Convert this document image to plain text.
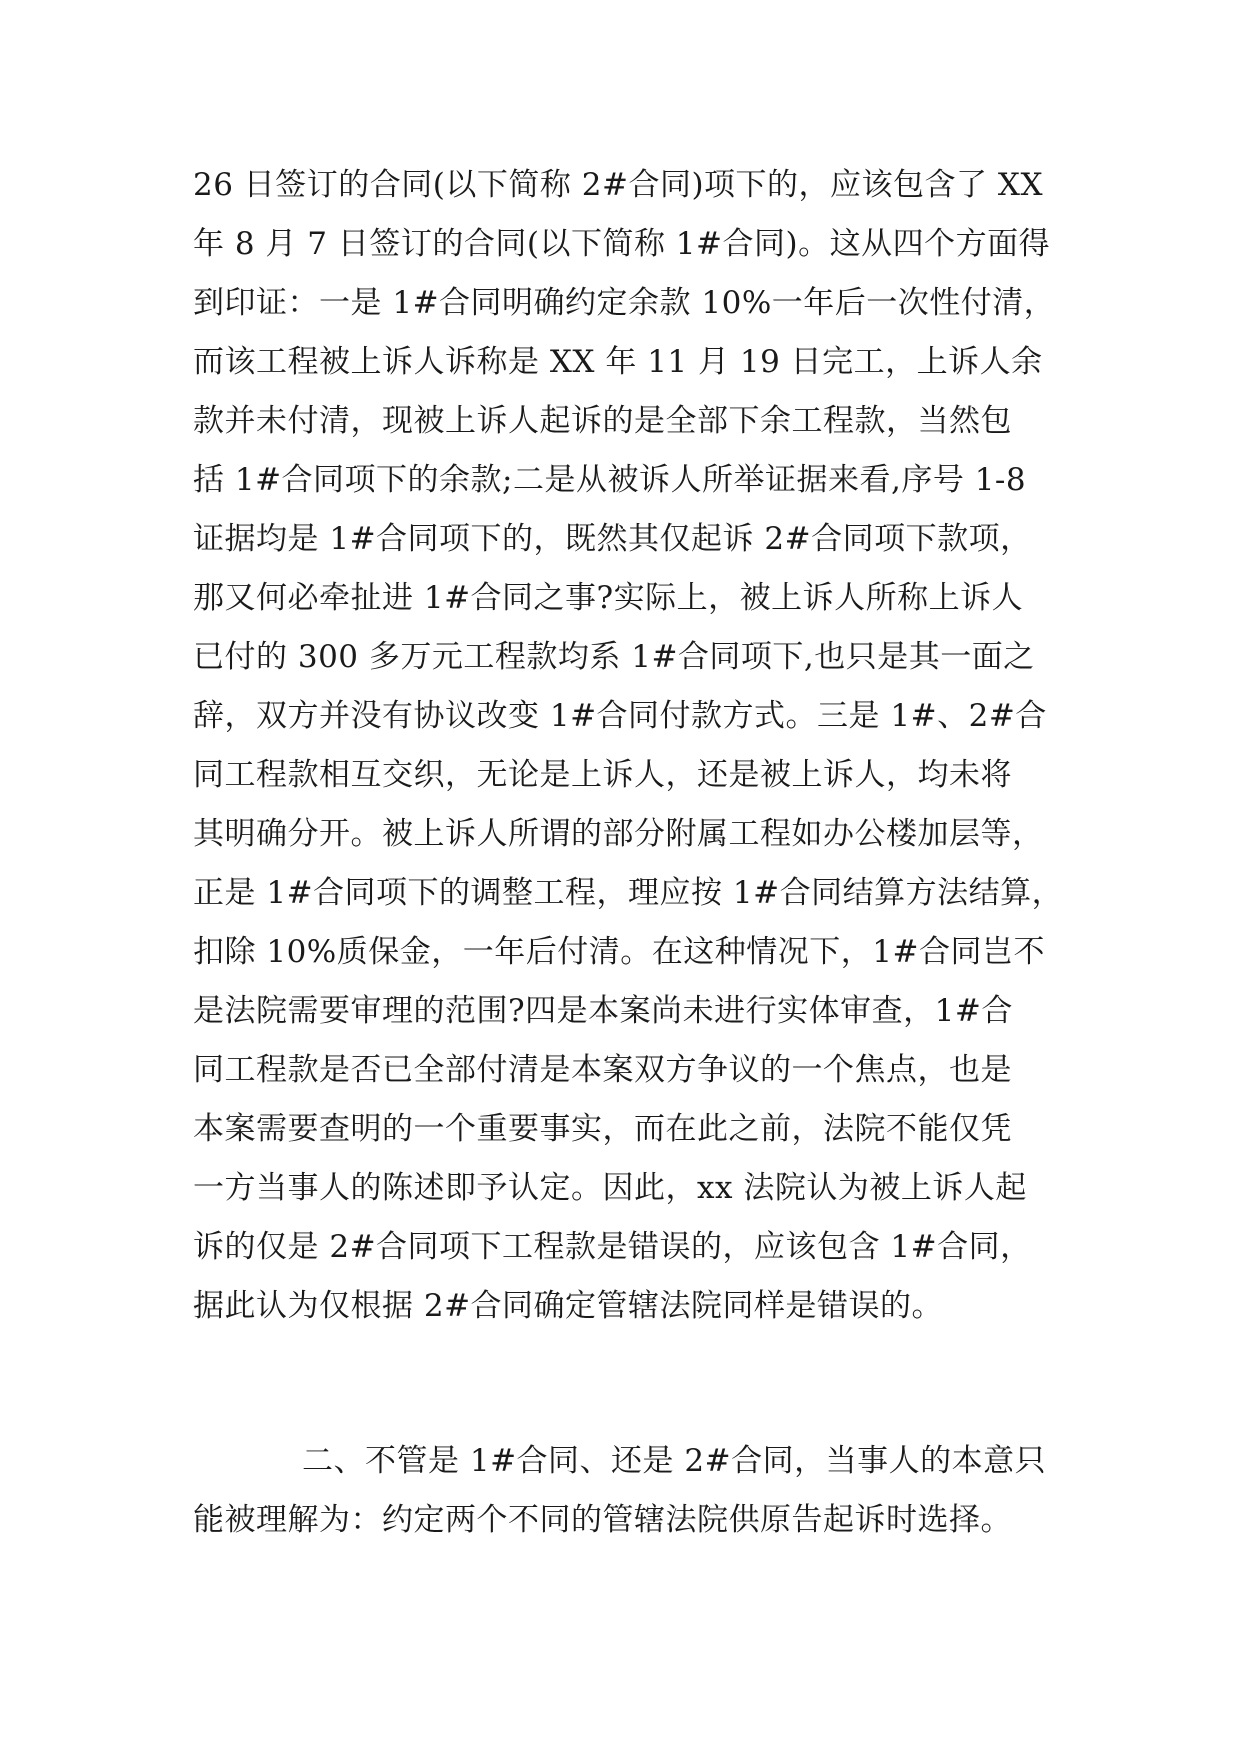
26 日签订的合同(以下简称 2#合同)项下的，应该包含了 XX
年 8 月 7 日签订的合同(以下简称 1#合同)。这从四个方面得
到印证：一是 1#合同明确约定余款 10%一年后一次性付清，
而该工程被上诉人诉称是 XX 年 11 月 19 日完工，上诉人余
款并未付清，现被上诉人起诉的是全部下余工程款，当然包
括 1#合同项下的余款;二是从被诉人所举证据来看,序号 1-8
证据均是 1#合同项下的，既然其仅起诉 2#合同项下款项，
那又何必牵扯进 1#合同之事?实际上，被上诉人所称上诉人
已付的 300 多万元工程款均系 1#合同项下,也只是其一面之
辞，双方并没有协议改变 1#合同付款方式。三是 1#、2#合
同工程款相互交织，无论是上诉人，还是被上诉人，均未将
其明确分开。被上诉人所谓的部分附属工程如办公楼加层等，
正是 1#合同项下的调整工程，理应按 1#合同结算方法结算，
扣除 10%质保金，一年后付清。在这种情况下，1#合同岂不
是法院需要审理的范围?四是本案尚未进行实体审查，1#合
同工程款是否已全部付清是本案双方争议的一个焦点，也是
本案需要查明的一个重要事实，而在此之前，法院不能仅凭
一方当事人的陈述即予认定。因此，xx 法院认为被上诉人起
诉的仅是 2#合同项下工程款是错误的，应该包含 1#合同，
据此认为仅根据 2#合同确定管辖法院同样是错误的。
二、不管是 1#合同、还是 2#合同，当事人的本意只
能被理解为：约定两个不同的管辖法院供原告起诉时选择。
